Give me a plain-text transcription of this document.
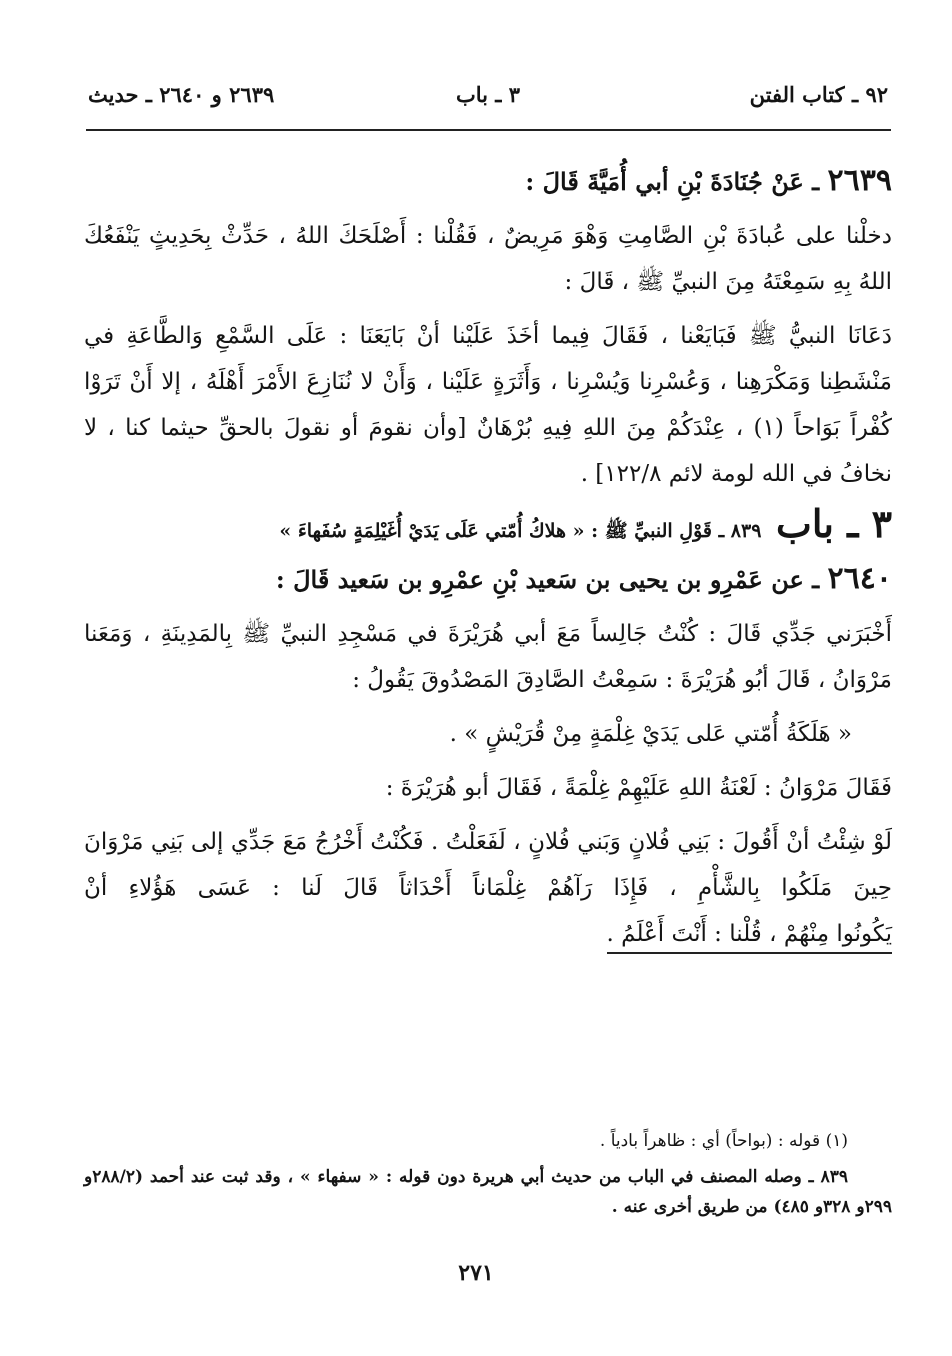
٩٢ ـ كتاب الفتن
٣ ـ باب
٢٦٣٩ و ٢٦٤٠ ـ حديث

٢٦٣٩ ـ عَنْ جُنَادَةَ بْنِ أبي أُمَيَّةَ قَالَ :

دخلْنا على عُبادَةَ بْنِ الصَّامِتِ وَهْوَ مَرِيضٌ ، فَقُلْنا : أَصْلَحَكَ اللهُ ، حَدِّثْ بِحَدِيثٍ يَنْفَعُكَ اللهُ بِهِ سَمِعْتَهُ مِنَ النبيِّ ﷺ ، قَالَ :

دَعَانَا النبيُّ ﷺ فَبَايَعْنا ، فَقَالَ فِيما أخَذَ عَلَيْنا أنْ بَايَعَنَا : عَلَى السَّمْعِ وَالطَّاعَةِ في مَنْشَطِنا وَمَكْرَهِنا ، وَعُسْرِنا وَيُسْرِنا ، وَأَثَرَةٍ عَلَيْنا ، وَأَنْ لا نُنَازِعَ الأَمْرَ أَهْلَهُ ، إلا أَنْ تَرَوْا كُفْراً بَوَاحاً (١) ، عِنْدَكُمْ مِنَ اللهِ فِيهِ بُرْهَانٌ [وأن نقومَ أو نقولَ بالحقِّ حيثما كنا ، لا نخافُ في الله لومة لائم ١٢٢/٨] .

٣ ـ باب  ٨٣٩ ـ قَوْلِ النبيِّ ﷺ : « هلاكُ أُمّتي عَلَى يَدَيْ أُغَيْلِمَةٍ سُفَهاءَ »

٢٦٤٠ ـ عن عَمْرِو بن يحيى بن سَعيد بْنِ عمْرِو بن سَعيد قَالَ :

أَخْبَرَني جَدِّي قَالَ : كُنْتُ جَالِساً مَعَ أبي هُرَيْرَةَ في مَسْجِدِ النبيِّ ﷺ بِالمَدِينَةِ ، وَمَعَنا مَرْوَانُ ، قَالَ أبُو هُرَيْرَةَ : سَمِعْتُ الصَّادِقَ المَصْدُوقَ يَقُولُ :

« هَلَكَةُ أُمّتي عَلى يَدَيْ غِلْمَةٍ مِنْ قُرَيْشٍ » .

فَقَالَ مَرْوَانُ : لَعْنَةُ اللهِ عَلَيْهِمْ غِلْمَةً ، فَقَالَ أبو هُرَيْرَةَ :

لَوْ شِئْتُ أنْ أَقُولَ : بَنِي فُلانٍ وَبَني فُلانٍ ، لَفَعَلْتُ . فَكُنْتُ أَخْرُجُ مَعَ جَدِّي إلى بَنِي مَرْوَانَ حِينَ مَلَكُوا بِالشَّأْمِ ، فَإِذَا رَآهُمْ غِلْمَاناً أَحْدَاثاً قَالَ لَنا : عَسَى هَؤُلاءِ أنْ يَكُونُوا مِنْهُمْ ، قُلْنا : أَنْتَ أَعْلَمُ .

(١) قوله : (بواحاً) أي : ظاهراً بادياً .

٨٣٩ ـ وصله المصنف في الباب من حديث أبي هريرة دون قوله : « سفهاء » ، وقد ثبت عند أحمد (٢٨٨/٢و ٢٩٩و ٣٢٨و ٤٨٥) من طريق أخرى عنه .

٢٧١
